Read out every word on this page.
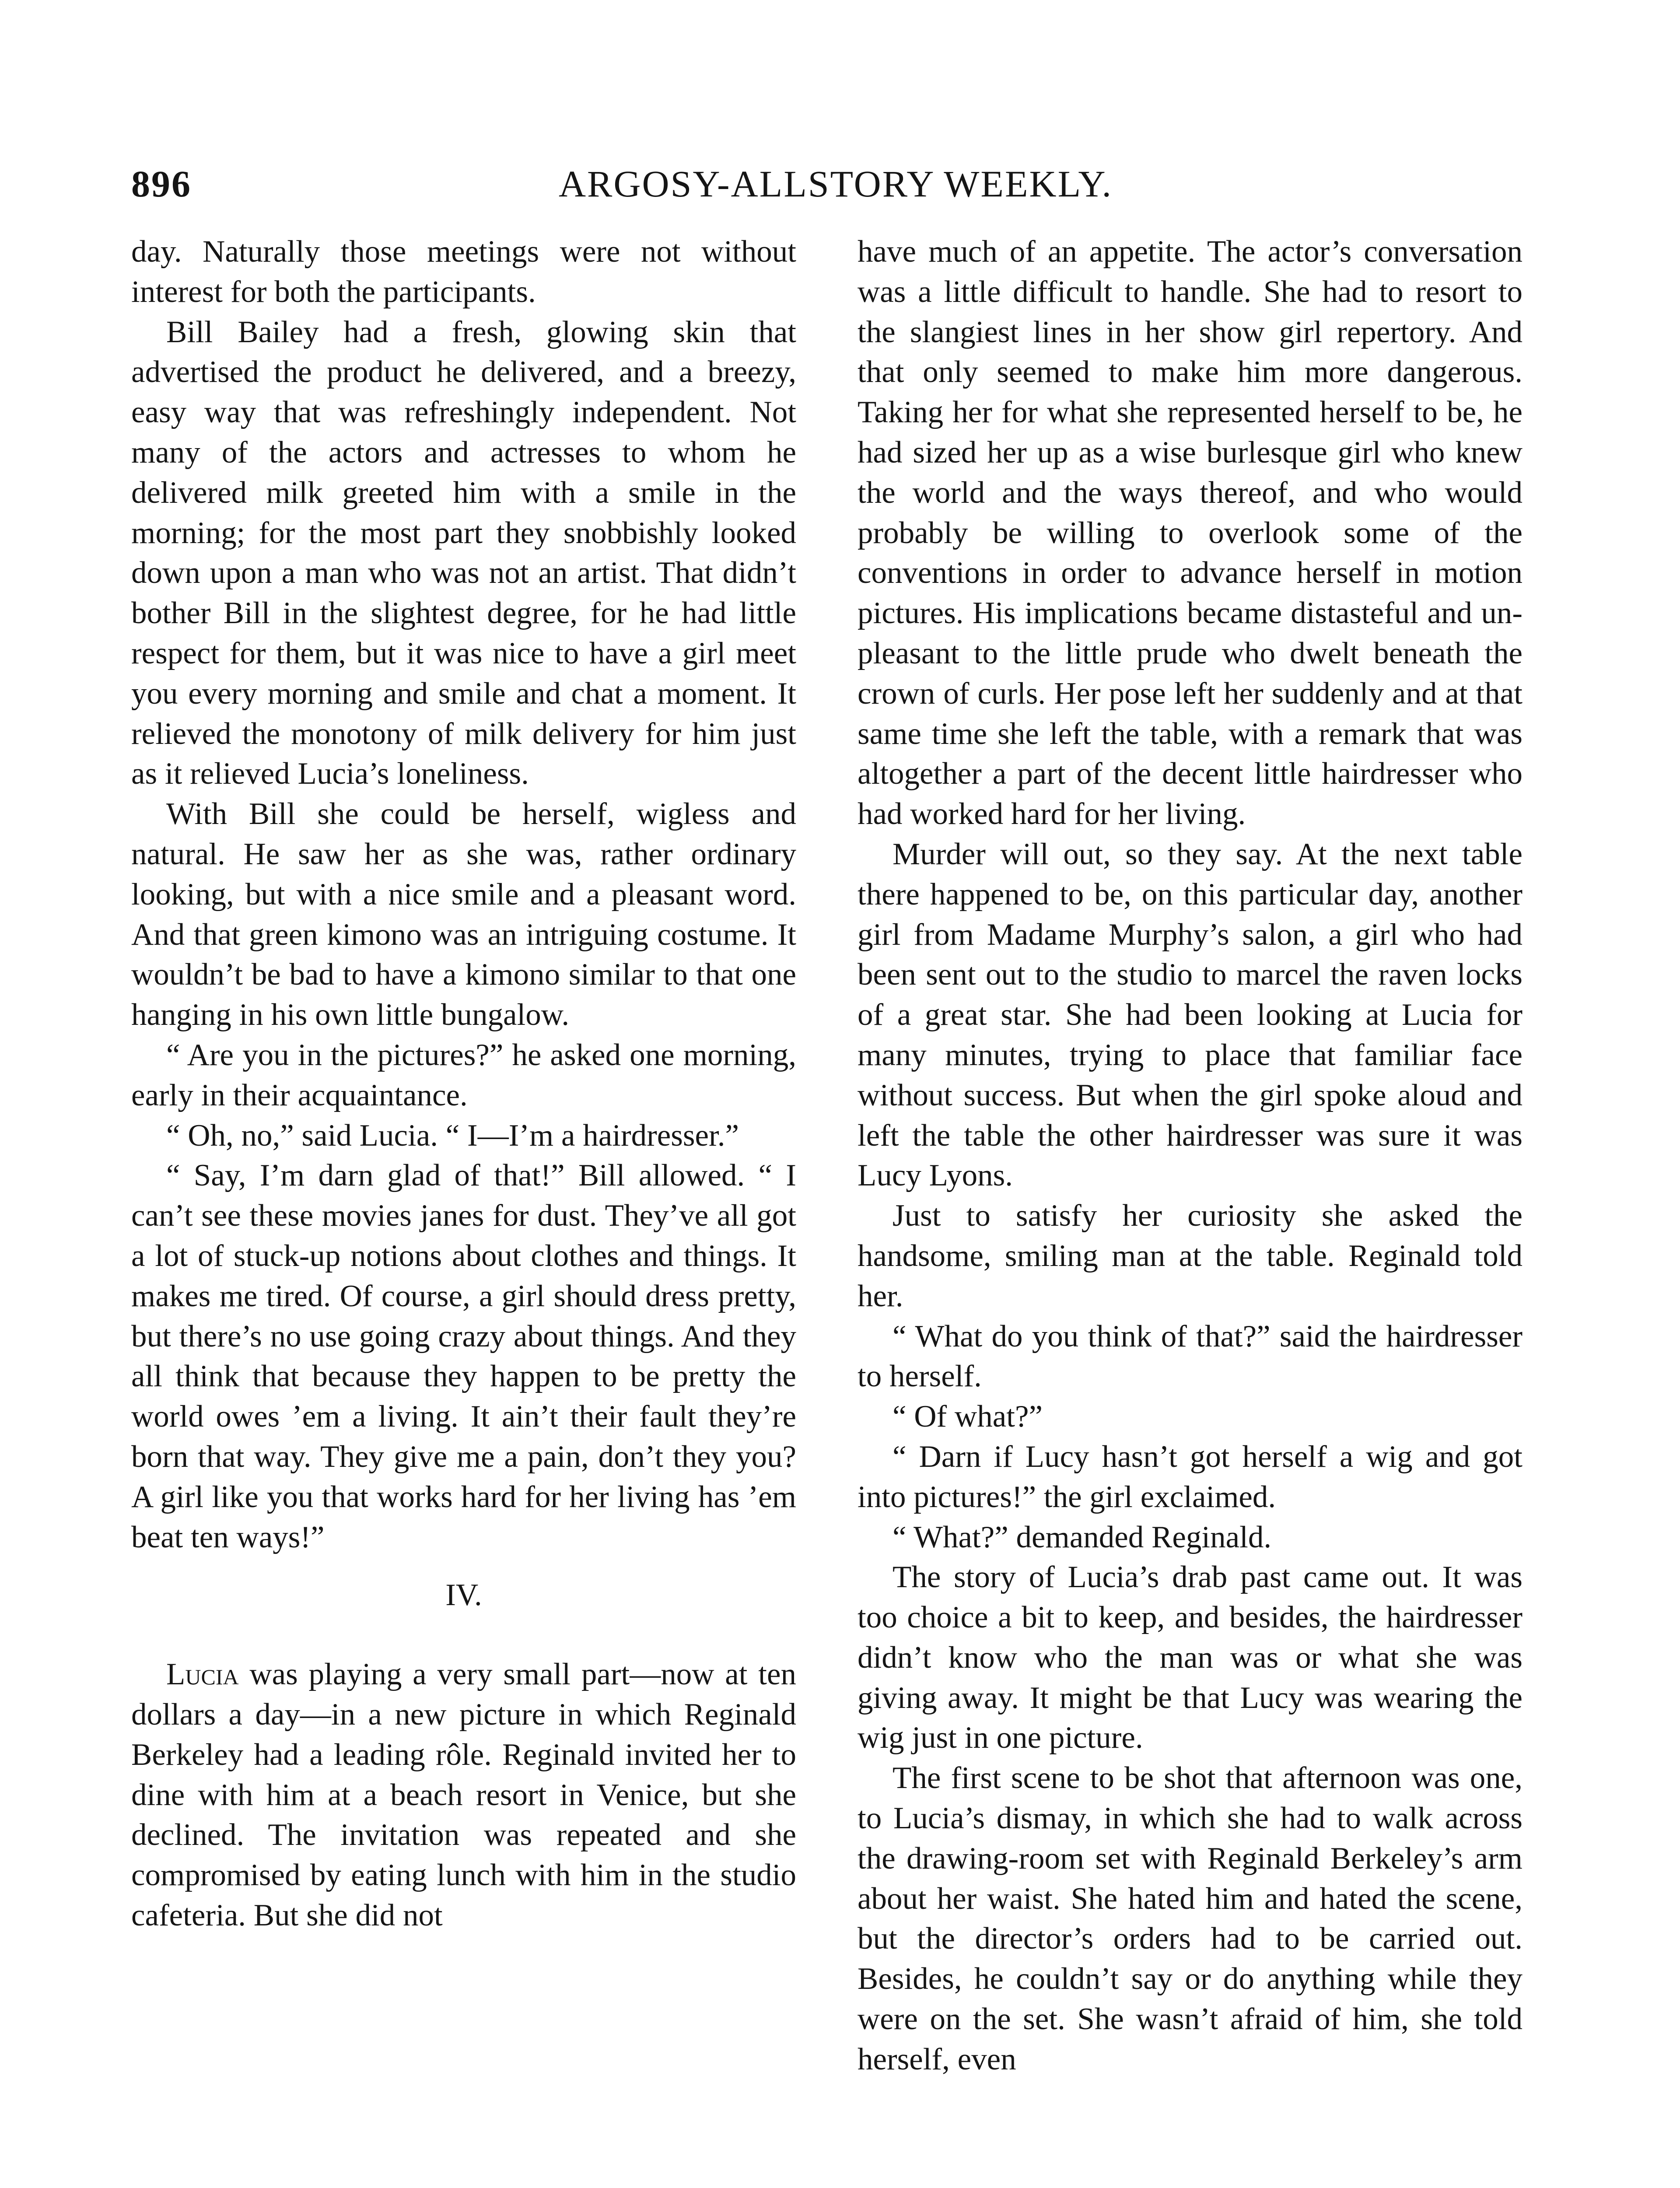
896	ARGOSY-ALLSTORY WEEKLY.

day. Naturally those meetings were not without interest for both the participants.

Bill Bailey had a fresh, glowing skin that advertised the product he delivered, and a breezy, easy way that was refreshingly independent. Not many of the actors and actresses to whom he delivered milk greeted him with a smile in the morning; for the most part they snobbishly looked down upon a man who was not an artist. That didn’t bother Bill in the slightest degree, for he had little respect for them, but it was nice to have a girl meet you every morning and smile and chat a moment. It relieved the monotony of milk delivery for him just as it relieved Lucia’s loneliness.

With Bill she could be herself, wigless and natural. He saw her as she was, rather ordinary looking, but with a nice smile and a pleasant word. And that green kimono was an intriguing costume. It wouldn’t be bad to have a kimono similar to that one hanging in his own little bungalow.

“ Are you in the pictures?” he asked one morning, early in their acquaintance.

“ Oh, no,” said Lucia. “ I—I’m a hairdresser.”

“ Say, I’m darn glad of that!” Bill allowed. “ I can’t see these movies janes for dust. They’ve all got a lot of stuck-up notions about clothes and things. It makes me tired. Of course, a girl should dress pretty, but there’s no use going crazy about things. And they all think that because they happen to be pretty the world owes ’em a living. It ain’t their fault they’re born that way. They give me a pain, don’t they you? A girl like you that works hard for her living has ’em beat ten ways!”

IV.

Lucia was playing a very small part—now at ten dollars a day—in a new picture in which Reginald Berkeley had a leading rôle. Reginald invited her to dine with him at a beach resort in Venice, but she declined. The invitation was repeated and she compromised by eating lunch with him in the studio cafeteria. But she did not

have much of an appetite. The actor’s conversation was a little difficult to handle. She had to resort to the slangiest lines in her show girl repertory. And that only seemed to make him more dangerous. Taking her for what she represented herself to be, he had sized her up as a wise burlesque girl who knew the world and the ways thereof, and who would probably be willing to overlook some of the conventions in order to advance herself in motion pictures. His implications became distasteful and unpleasant to the little prude who dwelt beneath the crown of curls. Her pose left her suddenly and at that same time she left the table, with a remark that was altogether a part of the decent little hairdresser who had worked hard for her living.

Murder will out, so they say. At the next table there happened to be, on this particular day, another girl from Madame Murphy’s salon, a girl who had been sent out to the studio to marcel the raven locks of a great star. She had been looking at Lucia for many minutes, trying to place that familiar face without success. But when the girl spoke aloud and left the table the other hairdresser was sure it was Lucy Lyons.

Just to satisfy her curiosity she asked the handsome, smiling man at the table. Reginald told her.

“ What do you think of that?” said the hairdresser to herself.

“ Of what?”

“ Darn if Lucy hasn’t got herself a wig and got into pictures!” the girl exclaimed.

“ What?” demanded Reginald.

The story of Lucia’s drab past came out. It was too choice a bit to keep, and besides, the hairdresser didn’t know who the man was or what she was giving away. It might be that Lucy was wearing the wig just in one picture.

The first scene to be shot that afternoon was one, to Lucia’s dismay, in which she had to walk across the drawing-room set with Reginald Berkeley’s arm about her waist. She hated him and hated the scene, but the director’s orders had to be carried out. Besides, he couldn’t say or do anything while they were on the set. She wasn’t afraid of him, she told herself, even
